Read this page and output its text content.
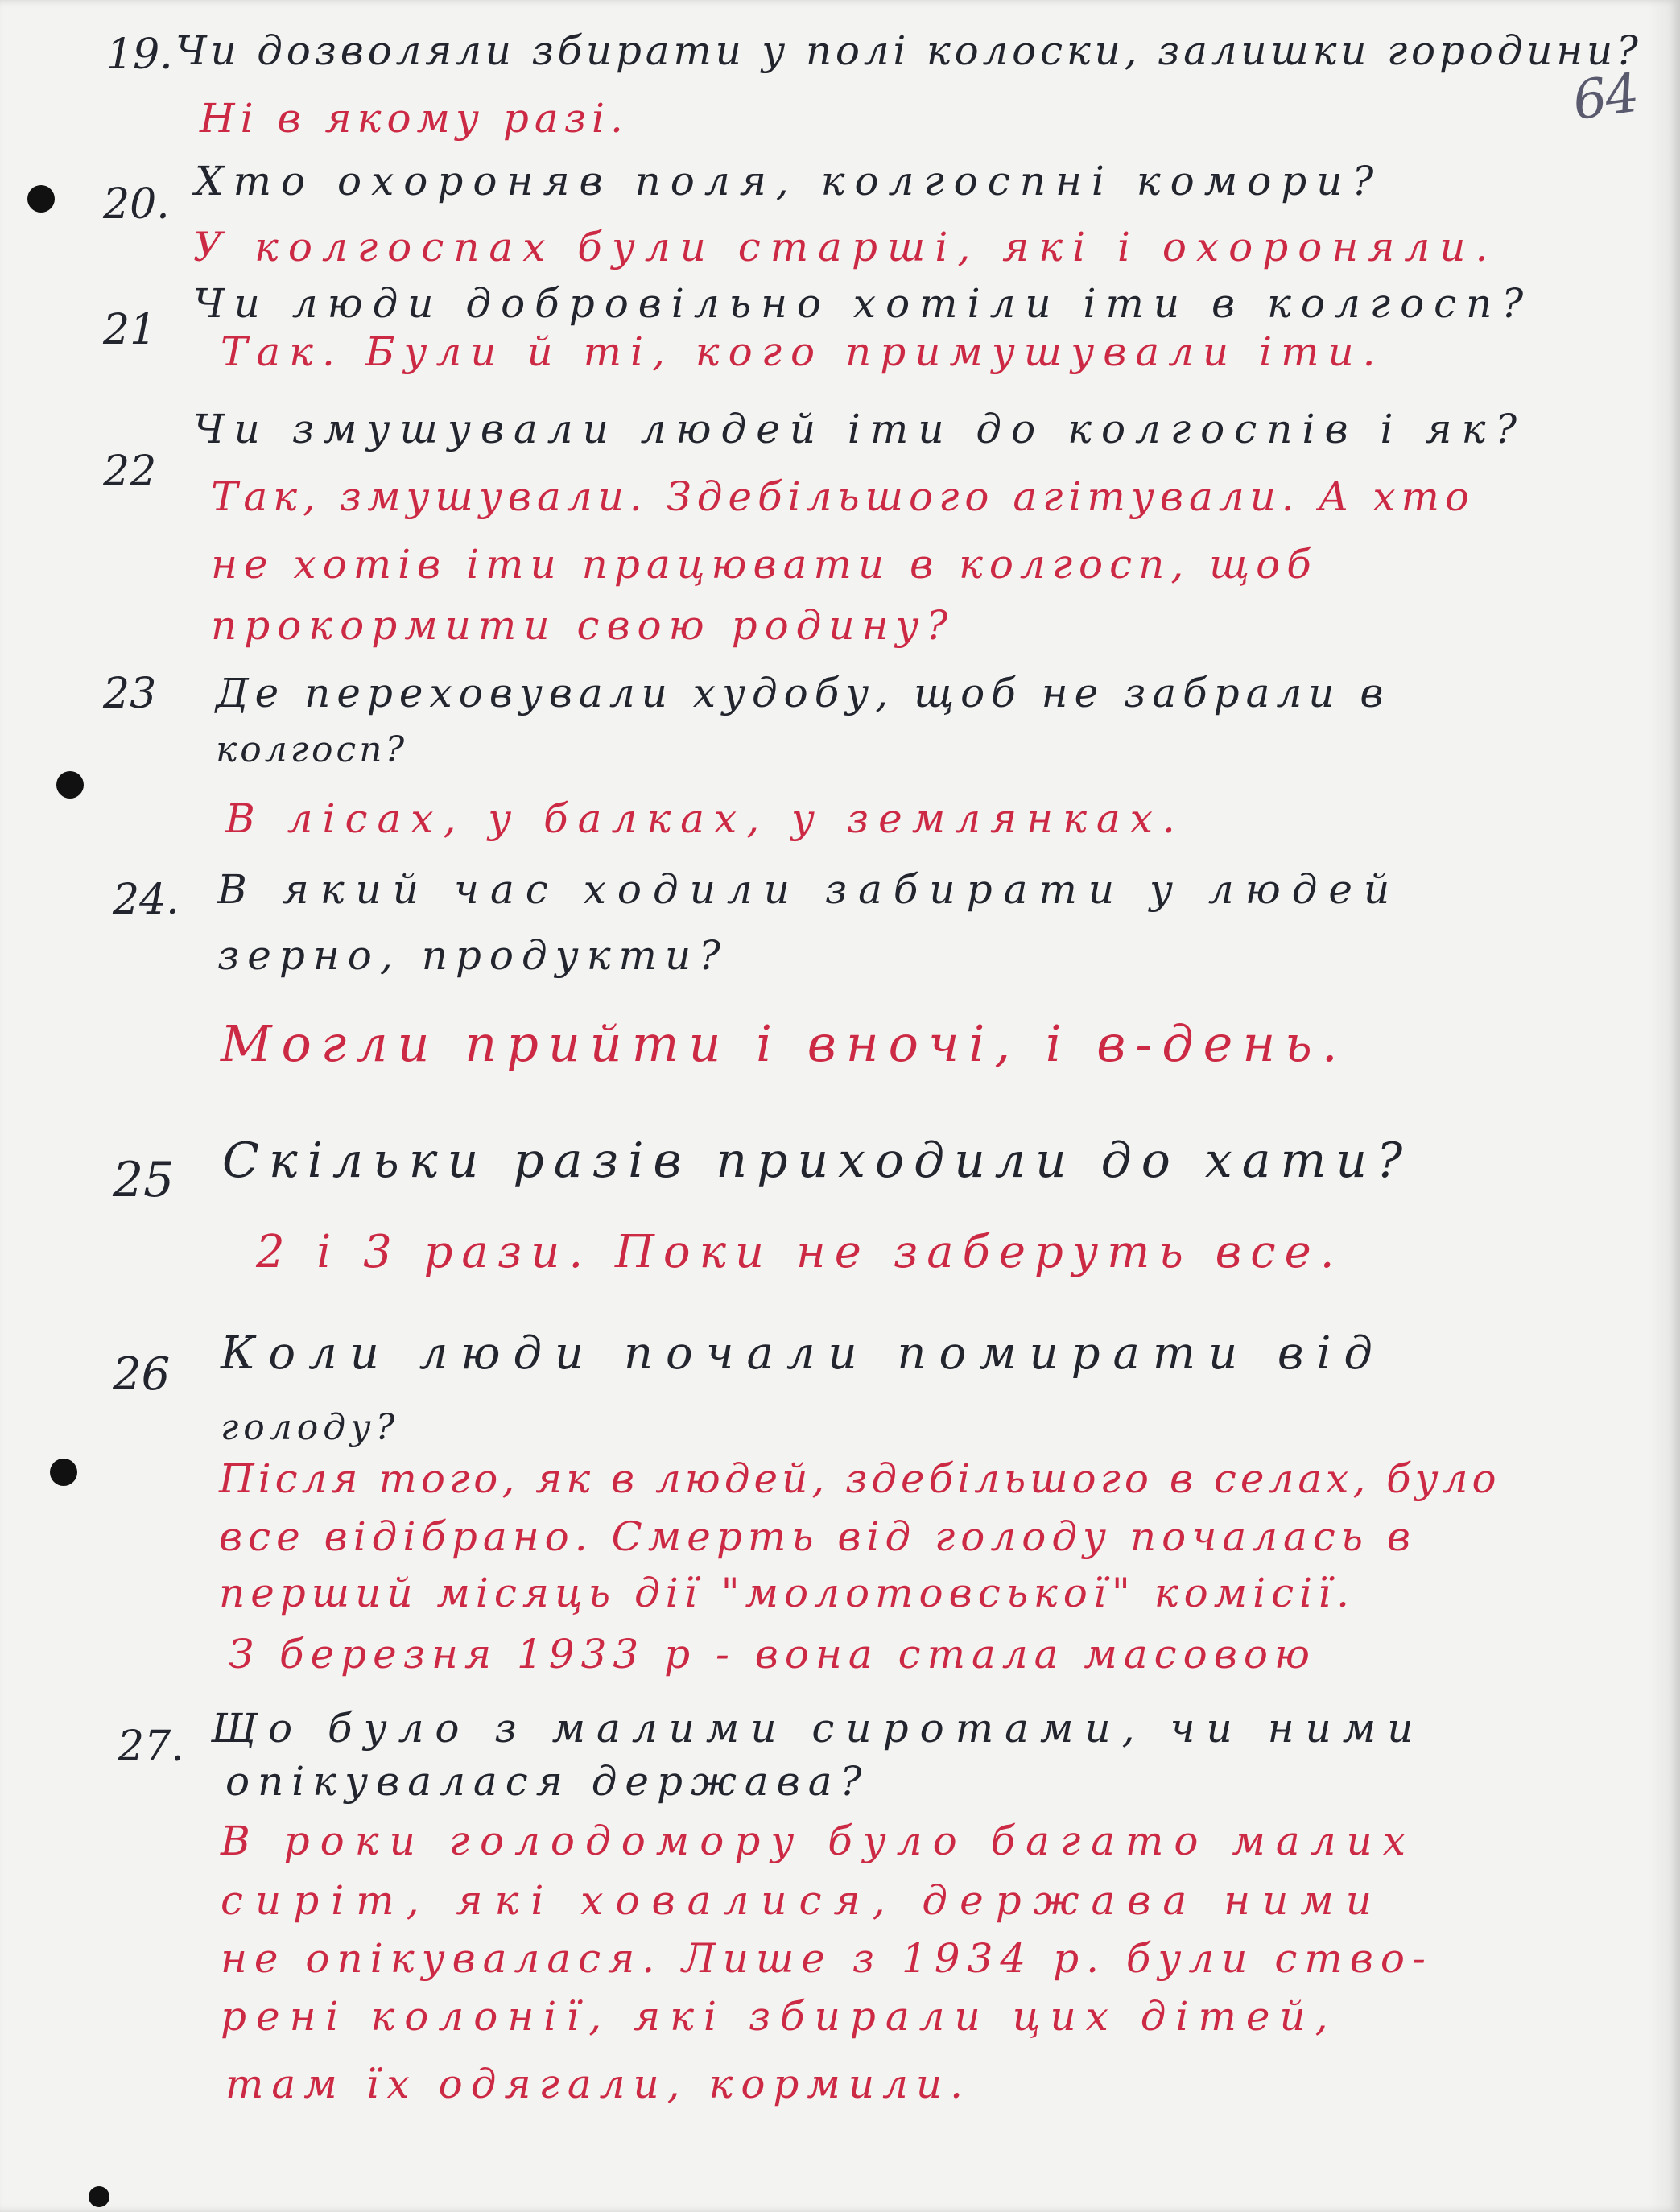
64
19. Чи дозволяли збирати у полі колоски, залишки городини?
Ні в якому разі.
20. Хто охороняв поля, колгоспні комори?
У колгоспах були старші, які і охороняли.
21
Чи люди добровільно хотіли іти в колгосп?
Так. Були й ті, кого примушували іти.
22
Чи змушували людей іти до колгоспів і як?
Так, змушували. Здебільшого агітували. А хто
не хотів іти працювати в колгосп, щоб
прокормити свою родину?
23 Де переховували худобу, щоб не забрали в
колгосп?
В лісах, у балках, у землянках.
24. В який час ходили забирати у людей
зерно, продукти?
Могли прийти і вночі, і в-день.
25 Скільки разів приходили до хати?
2 і 3 рази. Поки не заберуть все.
26 Коли люди почали помирати від
голоду?
Після того, як в людей, здебільшого в селах, було
все відібрано. Смерть від голоду почалась в
перший місяць дії "молотовської" комісії.
З березня 1933 р - вона стала масовою
27. Що було з малими сиротами, чи ними
опікувалася держава?
В роки голодомору було багато малих
сиріт, які ховалися, держава ними
не опікувалася. Лише з 1934 р. були ство-
рені колонії, які збирали цих дітей,
там їх одягали, кормили.
